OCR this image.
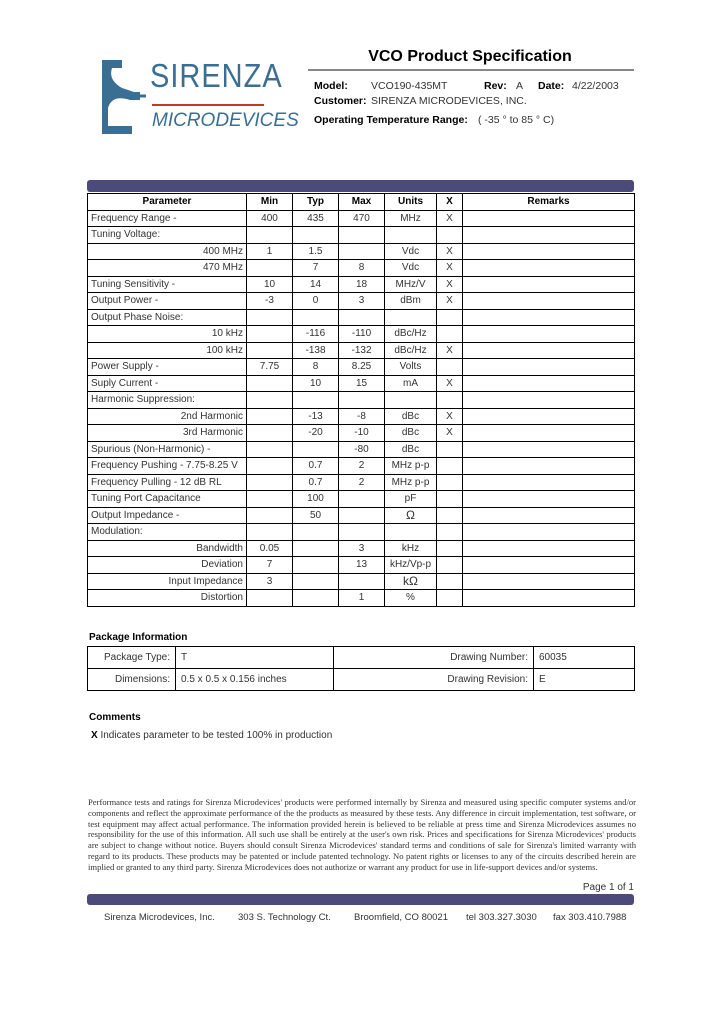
SIRENZA
MICRODEVICES
VCO Product Specification
Model: VCO190-435MT	Rev: A Date: 4/22/2003
Customer: SIRENZA MICRODEVICES, INC.
Operating Temperature Range: ( -35 ° to 85 ° C)
Parameter	Min	Typ	Max	Units	X	Remarks
Frequency Range -	400	435	470	MHz	X	
Tuning Voltage:						
400 MHz	1	1.5		Vdc	X	
470 MHz		7	8	Vdc	X	
Tuning Sensitivity -	10	14	18	MHz/V	X	
Output Power -	-3	0	3	dBm	X	
Output Phase Noise:						
10 kHz		-116	-110	dBc/Hz		
100 kHz		-138	-132	dBc/Hz	X	
Power Supply -	7.75	8	8.25	Volts		
Suply Current -		10	15	mA	X	
Harmonic Suppression:						
2nd Harmonic		-13	-8	dBc	X	
3rd Harmonic		-20	-10	dBc	X	
Spurious (Non-Harmonic) -			-80	dBc		
Frequency Pushing - 7.75-8.25 V		0.7	2	MHz p-p		
Frequency Pulling - 12 dB RL		0.7	2	MHz p-p		
Tuning Port Capacitance		100		pF		
Output Impedance -		50		Ω		
Modulation:						
Bandwidth	0.05		3	kHz		
Deviation	7		13	kHz/Vp-p		
Input Impedance	3			kΩ		
Distortion			1	%		
Package Information
Package Type:	T	Drawing Number:	60035
Dimensions:	0.5 x 0.5 x 0.156 inches	Drawing Revision:	E
Comments
X Indicates parameter to be tested 100% in production
Performance tests and ratings for Sirenza Microdevices' products were performed internally by Sirenza and measured using specific computer systems and/or components and reflect the approximate performance of the the products as measured by these tests. Any difference in circuit implementation, test software, or test equipment may affect actual performance. The information provided herein is believed to be reliable at press time and Sirenza Microdevices assumes no responsibility for the use of this information. All such use shall be entirely at the user's own risk. Prices and specifications for Sirenza Microdevices' products are subject to change without notice. Buyers should consult Sirenza Microdevices' standard terms and conditions of sale for Sirenza's limited warranty with regard to its products. These products may be patented or include patented technology. No patent rights or licenses to any of the circuits described herein are implied or granted to any third party. Sirenza Microdevices does not authorize or warrant any product for use in life-support devices and/or systems.
Page 1 of 1
Sirenza Microdevices, Inc. 303 S. Technology Ct. Broomfield, CO 80021 tel 303.327.3030 fax 303.410.7988
